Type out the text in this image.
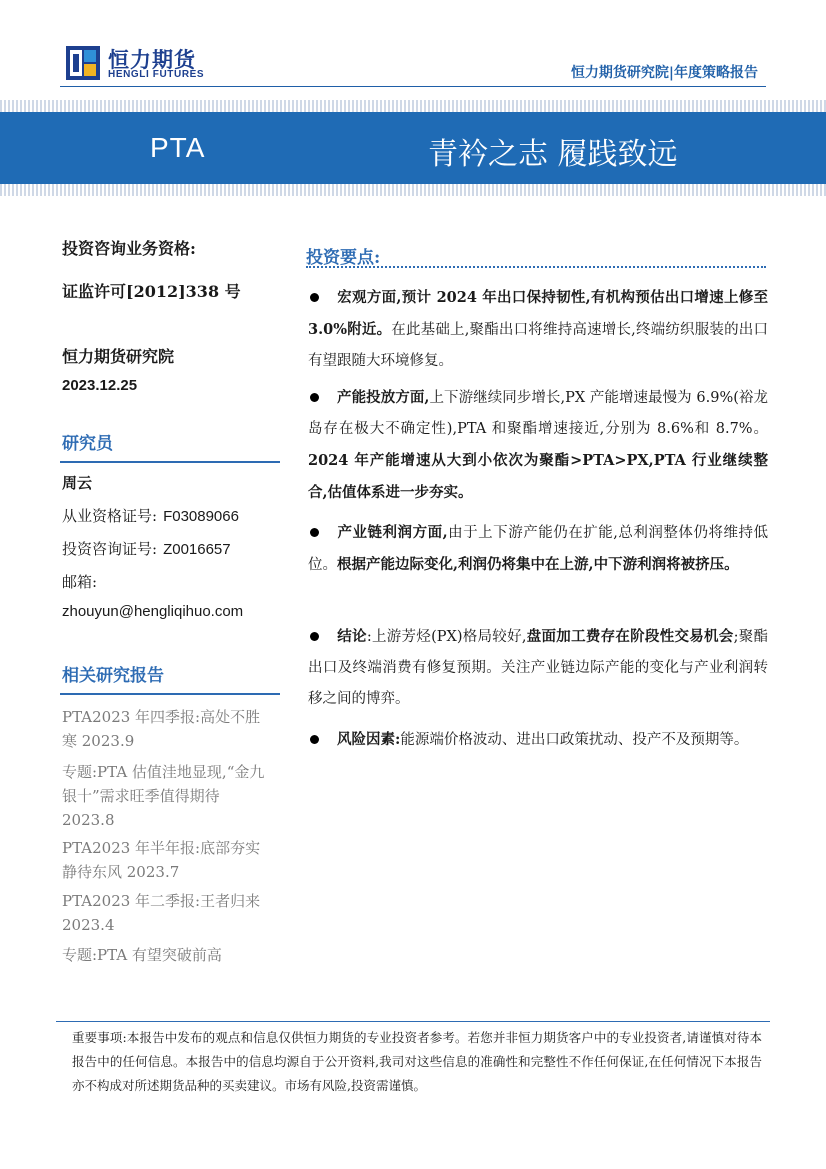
恒力期货
HENGLI FUTURES	恒力期货研究院|年度策略报告
PTA	青衿之志 履践致远
投资咨询业务资格:
证监许可[2012]338 号
恒力期货研究院
2023.12.25
研究员
周云
从业资格证号: F03089066
投资咨询证号: Z0016657
邮箱:
zhouyun@hengliqihuo.com
相关研究报告
PTA2023 年四季报:高处不胜寒 2023.9
专题:PTA 估值洼地显现,“金九银十”需求旺季值得期待 2023.8
PTA2023 年半年报:底部夯实 静待东风 2023.7
PTA2023 年二季报:王者归来 2023.4
专题:PTA 有望突破前高
投资要点:
宏观方面,预计 2024 年出口保持韧性,有机构预估出口增速上修至 3.0%附近。在此基础上,聚酯出口将维持高速增长,终端纺织服装的出口有望跟随大环境修复。
产能投放方面,上下游继续同步增长,PX 产能增速最慢为 6.9%(裕龙岛存在极大不确定性),PTA 和聚酯增速接近,分别为 8.6%和 8.7%。2024 年产能增速从大到小依次为聚酯>PTA>PX,PTA 行业继续整合,估值体系进一步夯实。
产业链利润方面,由于上下游产能仍在扩能,总利润整体仍将维持低位。根据产能边际变化,利润仍将集中在上游,中下游利润将被挤压。
结论:上游芳烃(PX)格局较好,盘面加工费存在阶段性交易机会;聚酯出口及终端消费有修复预期。关注产业链边际产能的变化与产业利润转移之间的博弈。
风险因素:能源端价格波动、进出口政策扰动、投产不及预期等。
重要事项:本报告中发布的观点和信息仅供恒力期货的专业投资者参考。若您并非恒力期货客户中的专业投资者,请谨慎对待本报告中的任何信息。本报告中的信息均源自于公开资料,我司对这些信息的准确性和完整性不作任何保证,在任何情况下本报告亦不构成对所述期货品种的买卖建议。市场有风险,投资需谨慎。
